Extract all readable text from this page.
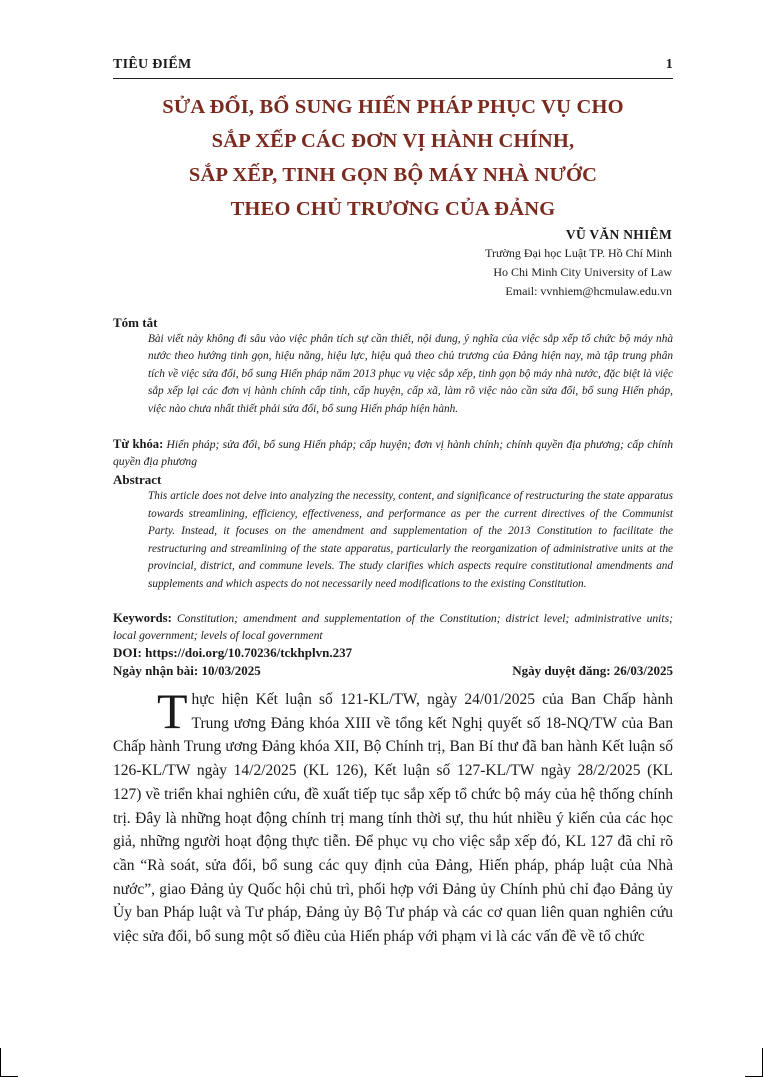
TIÊU ĐIỂM	1
SỬA ĐỔI, BỔ SUNG HIẾN PHÁP PHỤC VỤ CHO
SẮP XẾP CÁC ĐƠN VỊ HÀNH CHÍNH,
SẮP XẾP, TINH GỌN BỘ MÁY NHÀ NƯỚC
THEO CHỦ TRƯƠNG CỦA ĐẢNG
VŨ VĂN NHIÊM
Trường Đại học Luật TP. Hồ Chí Minh
Ho Chi Minh City University of Law
Email: vvnhiem@hcmulaw.edu.vn
Tóm tắt
Bài viết này không đi sâu vào việc phân tích sự cần thiết, nội dung, ý nghĩa của việc sắp xếp tổ chức bộ máy nhà nước theo hướng tinh gọn, hiệu năng, hiệu lực, hiệu quả theo chủ trương của Đảng hiện nay, mà tập trung phân tích về việc sửa đổi, bổ sung Hiến pháp năm 2013 phục vụ việc sắp xếp, tinh gọn bộ máy nhà nước, đặc biệt là việc sắp xếp lại các đơn vị hành chính cấp tỉnh, cấp huyện, cấp xã, làm rõ việc nào cần sửa đổi, bổ sung Hiến pháp, việc nào chưa nhất thiết phải sửa đổi, bổ sung Hiến pháp hiện hành.
Từ khóa: Hiến pháp; sửa đổi, bổ sung Hiến pháp; cấp huyện; đơn vị hành chính; chính quyền địa phương; cấp chính quyền địa phương
Abstract
This article does not delve into analyzing the necessity, content, and significance of restructuring the state apparatus towards streamlining, efficiency, effectiveness, and performance as per the current directives of the Communist Party. Instead, it focuses on the amendment and supplementation of the 2013 Constitution to facilitate the restructuring and streamlining of the state apparatus, particularly the reorganization of administrative units at the provincial, district, and commune levels. The study clarifies which aspects require constitutional amendments and supplements and which aspects do not necessarily need modifications to the existing Constitution.
Keywords: Constitution; amendment and supplementation of the Constitution; district level; administrative units; local government; levels of local government
DOI: https://doi.org/10.70236/tckhplvn.237
Ngày nhận bài: 10/03/2025	Ngày duyệt đăng: 26/03/2025
Thực hiện Kết luận số 121-KL/TW, ngày 24/01/2025 của Ban Chấp hành Trung ương Đảng khóa XIII về tổng kết Nghị quyết số 18-NQ/TW của Ban Chấp hành Trung ương Đảng khóa XII, Bộ Chính trị, Ban Bí thư đã ban hành Kết luận số 126-KL/TW ngày 14/2/2025 (KL 126), Kết luận số 127-KL/TW ngày 28/2/2025 (KL 127) về triển khai nghiên cứu, đề xuất tiếp tục sắp xếp tổ chức bộ máy của hệ thống chính trị. Đây là những hoạt động chính trị mang tính thời sự, thu hút nhiều ý kiến của các học giả, những người hoạt động thực tiễn. Để phục vụ cho việc sắp xếp đó, KL 127 đã chỉ rõ cần “Rà soát, sửa đổi, bổ sung các quy định của Đảng, Hiến pháp, pháp luật của Nhà nước”, giao Đảng ủy Quốc hội chủ trì, phối hợp với Đảng ủy Chính phủ chỉ đạo Đảng ủy Ủy ban Pháp luật và Tư pháp, Đảng ủy Bộ Tư pháp và các cơ quan liên quan nghiên cứu việc sửa đổi, bổ sung một số điều của Hiến pháp với phạm vi là các vấn đề về tổ chức
